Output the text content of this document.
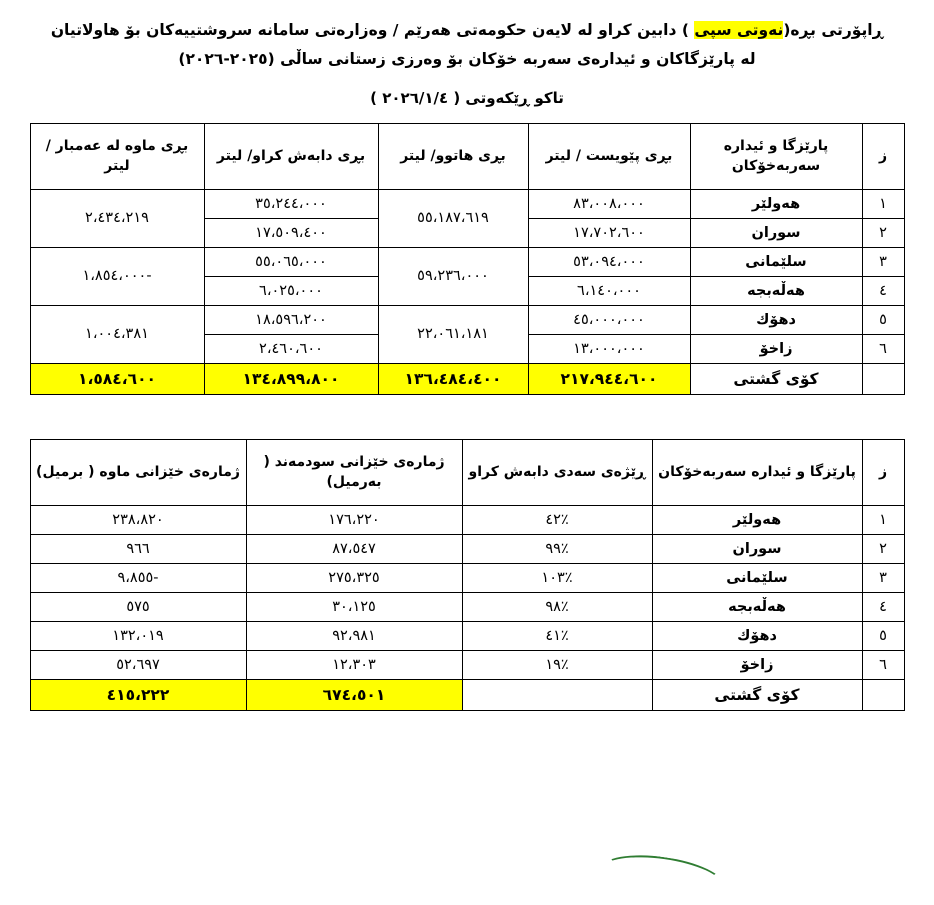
ڕاپۆرتی بڕە(نەوتی سپی ) دابین کراو لە لایەن حکومەتی هەرێم / وەزارەتی سامانە سروشتییەکان بۆ هاولاتیان
لە پارێزگاکان و ئیدارەی سەربە خۆکان بۆ وەرزی زستانی ساڵی (٢٠٢٥-٢٠٢٦)
تاکو ڕێکەوتی ( ٢٠٢٦/١/٤ )
ز	پارێزگا و ئیدارە سەربەخۆکان	بڕی پێویست / لیتر	بڕی هاتوو/ لیتر	بڕی دابەش کراو/ لیتر	بڕی ماوە لە عەمبار /لیتر
١	هەولێر	٨٣،٠٠٨،٠٠٠	٥٥،١٨٧،٦١٩	٣٥،٢٤٤،٠٠٠	٢،٤٣٤،٢١٩
٢	سوران	١٧،٧٠٢،٦٠٠		١٧،٥٠٩،٤٠٠	
٣	سلێمانی	٥٣،٠٩٤،٠٠٠	٥٩،٢٣٦،٠٠٠	٥٥،٠٦٥،٠٠٠	-١،٨٥٤،٠٠٠
٤	هەڵەبجە	٦،١٤٠،٠٠٠		٦،٠٢٥،٠٠٠	
٥	دهۆك	٤٥،٠٠٠،٠٠٠	٢٢،٠٦١،١٨١	١٨،٥٩٦،٢٠٠	١،٠٠٤،٣٨١
٦	زاخۆ	١٣،٠٠٠،٠٠٠		٢،٤٦٠،٦٠٠	
	کۆی گشتی	٢١٧،٩٤٤،٦٠٠	١٣٦،٤٨٤،٤٠٠	١٣٤،٨٩٩،٨٠٠	١،٥٨٤،٦٠٠
ز	پارێزگا و ئیدارە سەربەخۆکان	ڕێژەی سەدی دابەش کراو	ژمارەی خێزانی سودمەند ( بەرمیل)	ژمارەی خێزانی ماوە ( برمیل)
١	هەولێر	٪٤٢	١٧٦،٢٢٠	٢٣٨،٨٢٠
٢	سوران	٪٩٩	٨٧،٥٤٧	٩٦٦
٣	سلێمانی	٪١٠٣	٢٧٥،٣٢٥	-٩،٨٥٥
٤	هەڵەبجە	٪٩٨	٣٠،١٢٥	٥٧٥
٥	دهۆك	٪٤١	٩٢،٩٨١	١٣٢،٠١٩
٦	زاخۆ	٪١٩	١٢،٣٠٣	٥٢،٦٩٧
	کۆی گشتی		٦٧٤،٥٠١	٤١٥،٢٢٢
